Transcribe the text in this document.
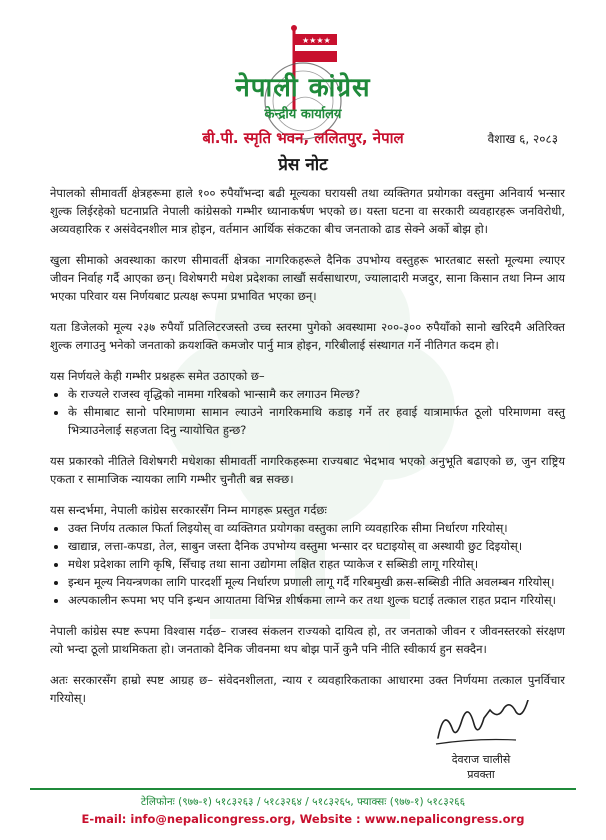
★★★★
नेपाली कांग्रेस
केन्द्रीय कार्यालय
बी.पी. स्मृति भवन, ललितपुर, नेपाल	वैशाख ६, २०८३
प्रेस नोट

नेपालको सीमावर्ती क्षेत्रहरूमा हाले १०० रुपैयाँभन्दा बढी मूल्यका घरायसी तथा व्यक्तिगत प्रयोगका वस्तुमा अनिवार्य भन्सार शुल्क लिईरहेको घटनाप्रति नेपाली कांग्रेसको गम्भीर ध्यानाकर्षण भएको छ। यस्ता घटना वा सरकारी व्यवहारहरू जनविरोधी, अव्यवहारिक र असंवेदनशील मात्र होइन, वर्तमान आर्थिक संकटका बीच जनताको ढाड सेक्ने अर्को बोझ हो।

खुला सीमाको अवस्थाका कारण सीमावर्ती क्षेत्रका नागरिकहरूले दैनिक उपभोग्य वस्तुहरू भारतबाट सस्तो मूल्यमा ल्याएर जीवन निर्वाह गर्दै आएका छन्। विशेषगरी मधेश प्रदेशका लाखौं सर्वसाधारण, ज्यालादारी मजदुर, साना किसान तथा निम्न आय भएका परिवार यस निर्णयबाट प्रत्यक्ष रूपमा प्रभावित भएका छन्।

यता डिजेलको मूल्य २३७ रुपैयाँ प्रतिलिटरजस्तो उच्च स्तरमा पुगेको अवस्थामा २००-३०० रुपैयाँको सानो खरिदमै अतिरिक्त शुल्क लगाउनु भनेको जनताको क्रयशक्ति कमजोर पार्नु मात्र होइन, गरिबीलाई संस्थागत गर्ने नीतिगत कदम हो।

यस निर्णयले केही गम्भीर प्रश्नहरू समेत उठाएको छ–

• के राज्यले राजस्व वृद्धिको नाममा गरिबको भान्सामै कर लगाउन मिल्छ?
• के सीमाबाट सानो परिमाणमा सामान ल्याउने नागरिकमाथि कडाइ गर्ने तर हवाई यात्रामार्फत ठूलो परिमाणमा वस्तु भित्र्याउनेलाई सहजता दिनु न्यायोचित हुन्छ?

यस प्रकारको नीतिले विशेषगरी मधेशका सीमावर्ती नागरिकहरूमा राज्यबाट भेदभाव भएको अनुभूति बढाएको छ, जुन राष्ट्रिय एकता र सामाजिक न्यायका लागि गम्भीर चुनौती बन्न सक्छ।

यस सन्दर्भमा, नेपाली कांग्रेस सरकारसँग निम्न मागहरू प्रस्तुत गर्दछः

• उक्त निर्णय तत्काल फिर्ता लिइयोस् वा व्यक्तिगत प्रयोगका वस्तुका लागि व्यवहारिक सीमा निर्धारण गरियोस्।
• खाद्यान्न, लत्ता-कपडा, तेल, साबुन जस्ता दैनिक उपभोग्य वस्तुमा भन्सार दर घटाइयोस् वा अस्थायी छुट दिइयोस्।
• मधेश प्रदेशका लागि कृषि, सिँचाइ तथा साना उद्योगमा लक्षित राहत प्याकेज र सब्सिडी लागू गरियोस्।
• इन्धन मूल्य नियन्त्रणका लागि पारदर्शी मूल्य निर्धारण प्रणाली लागू गर्दै गरिबमुखी क्रस-सब्सिडी नीति अवलम्बन गरियोस्।
• अल्पकालीन रूपमा भए पनि इन्धन आयातमा विभिन्न शीर्षकमा लाग्ने कर तथा शुल्क घटाई तत्काल राहत प्रदान गरियोस्।

नेपाली कांग्रेस स्पष्ट रूपमा विश्वास गर्दछ– राजस्व संकलन राज्यको दायित्व हो, तर जनताको जीवन र जीवनस्तरको संरक्षण त्यो भन्दा ठूलो प्राथमिकता हो। जनताको दैनिक जीवनमा थप बोझ पार्ने कुनै पनि नीति स्वीकार्य हुन सक्दैन।

अतः सरकारसँग हाम्रो स्पष्ट आग्रह छ– संवेदनशीलता, न्याय र व्यवहारिकताका आधारमा उक्त निर्णयमा तत्काल पुनर्विचार गरियोस्।

देवराज चालीसे
प्रवक्ता
टेलिफोनः (९७७-१) ५१८३२६३ / ५१८३२६४ / ५१८३२६५, फ्याक्सः (९७७-१) ५१८३२६६
E-mail: info@nepalicongress.org, Website : www.nepalicongress.org
